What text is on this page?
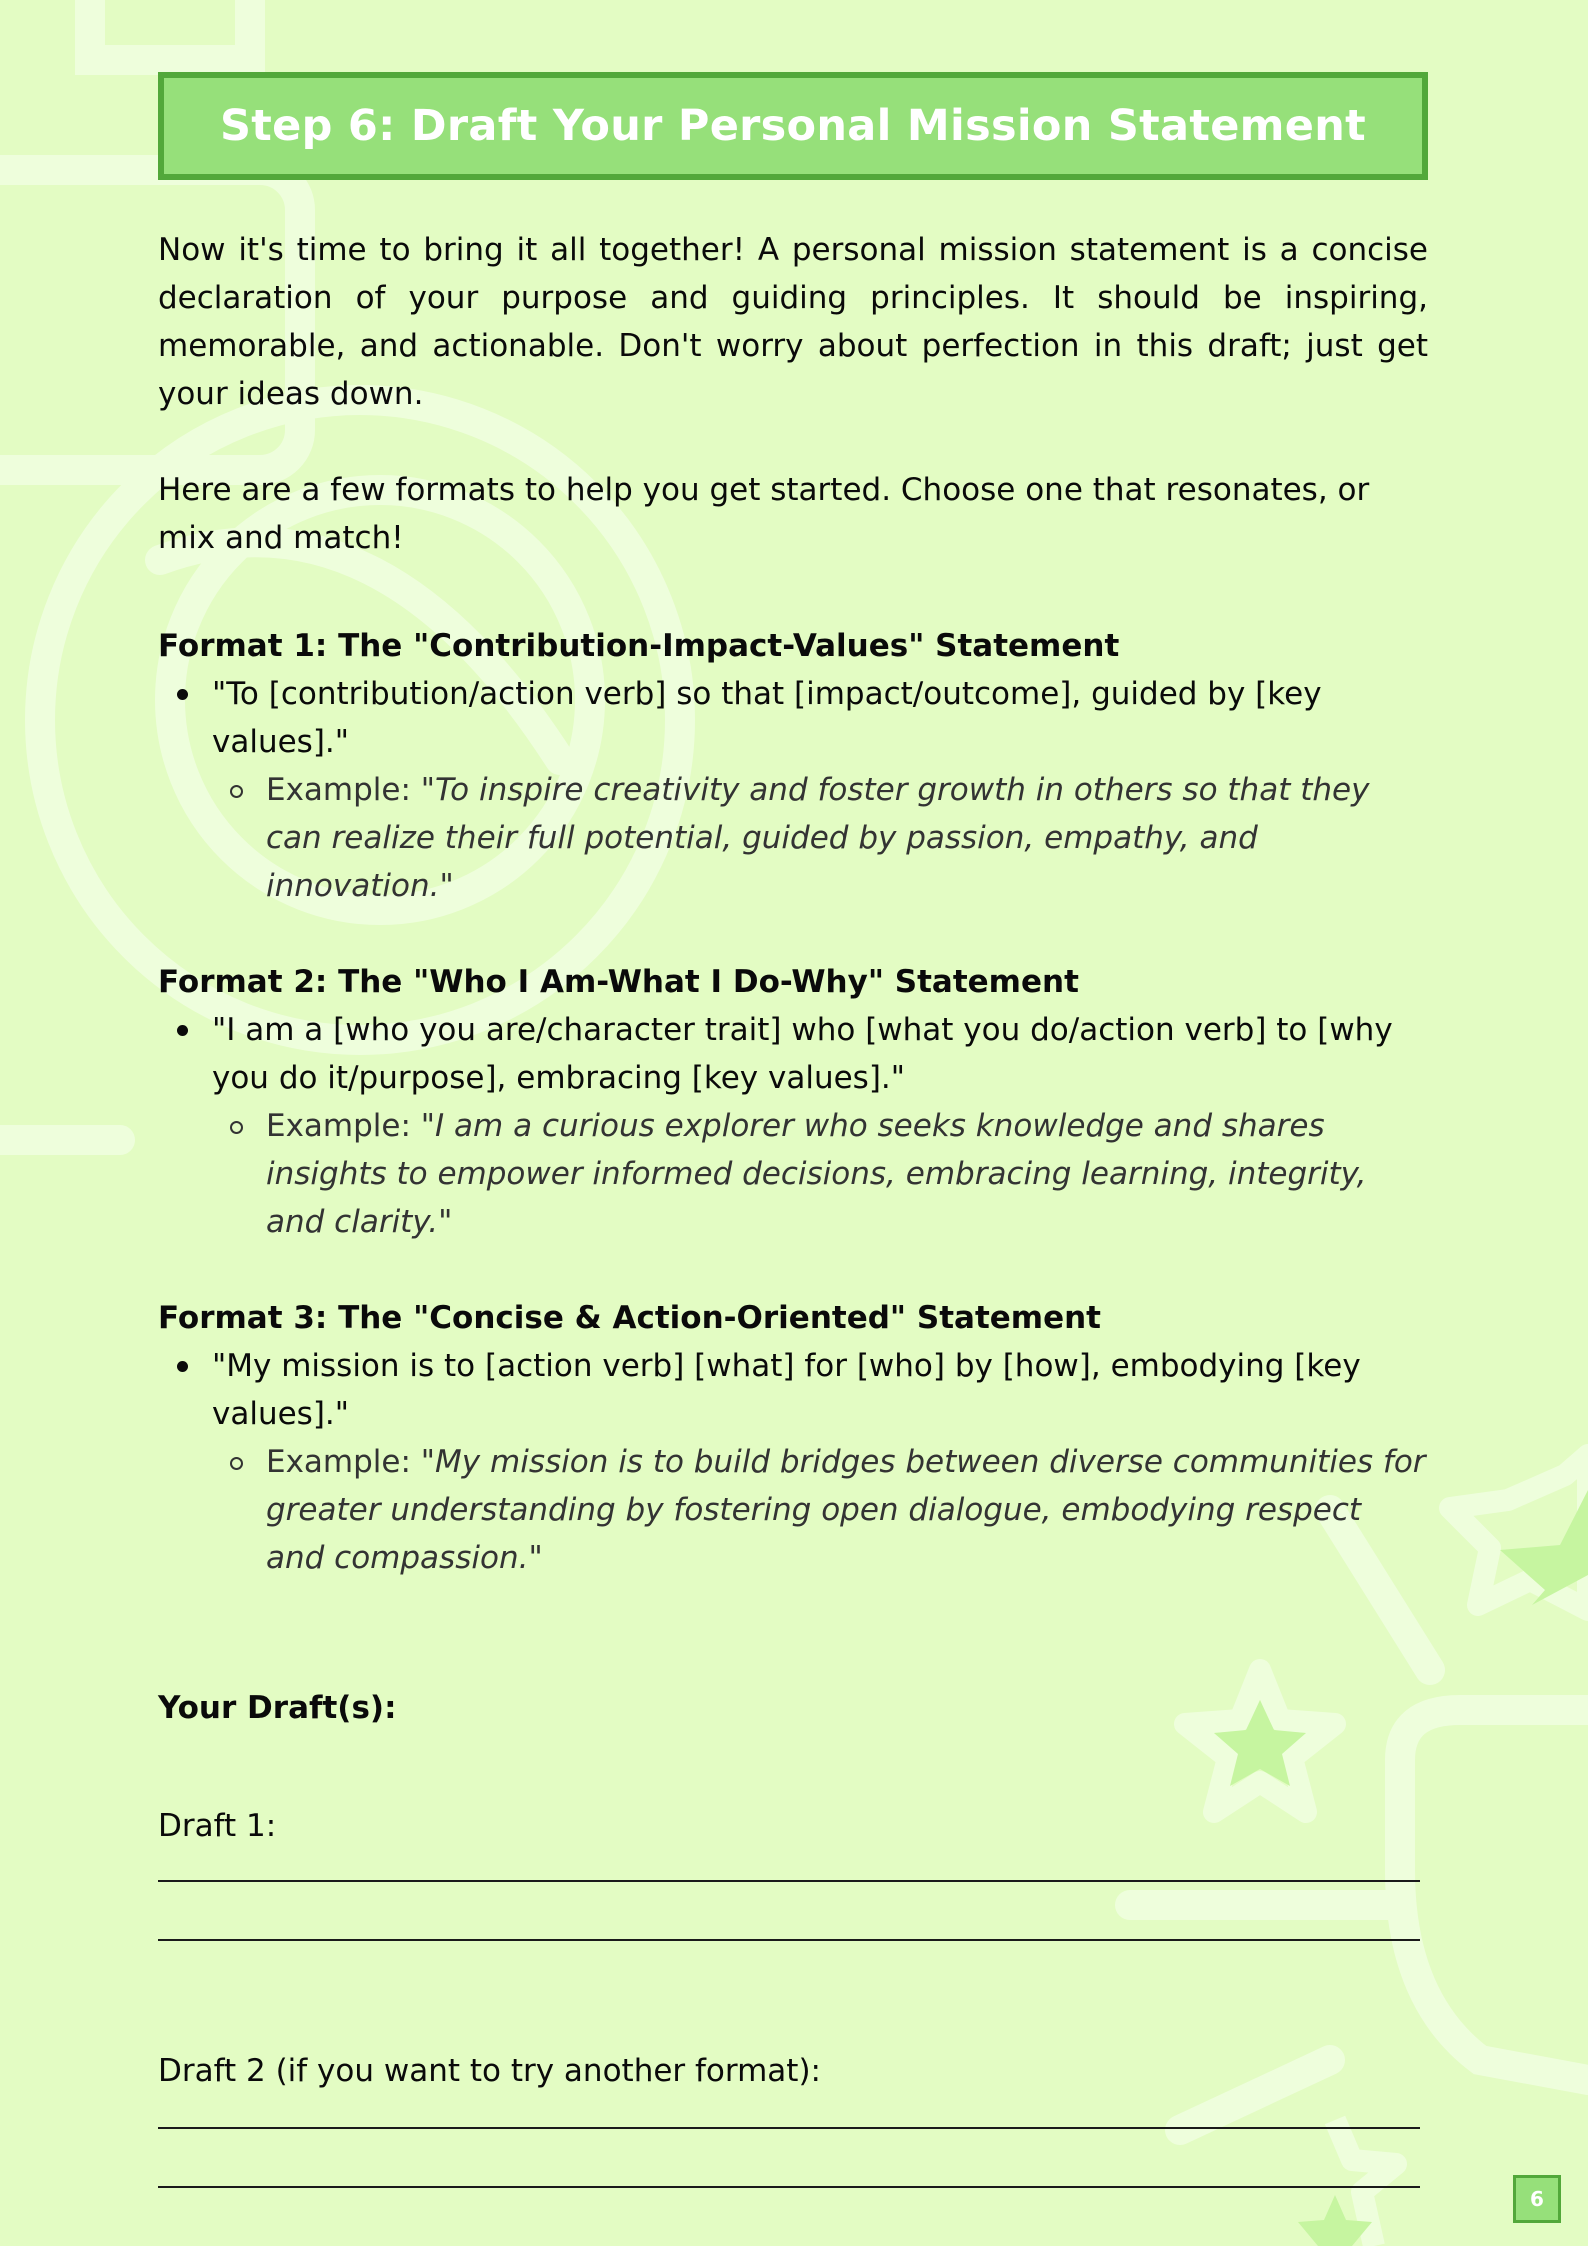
Step 6: Draft Your Personal Mission Statement

Now it's time to bring it all together! A personal mission statement is a concise declaration of your purpose and guiding principles. It should be inspiring, memorable, and actionable. Don't worry about perfection in this draft; just get your ideas down.

Here are a few formats to help you get started. Choose one that resonates, or mix and match!

Format 1: The "Contribution-Impact-Values" Statement

"To [contribution/action verb] so that [impact/outcome], guided by [key values]."
Example: "To inspire creativity and foster growth in others so that they can realize their full potential, guided by passion, empathy, and innovation."

Format 2: The "Who I Am-What I Do-Why" Statement

"I am a [who you are/character trait] who [what you do/action verb] to [why you do it/purpose], embracing [key values]."
Example: "I am a curious explorer who seeks knowledge and shares insights to empower informed decisions, embracing learning, integrity, and clarity."

Format 3: The "Concise & Action-Oriented" Statement

"My mission is to [action verb] [what] for [who] by [how], embodying [key values]."
Example: "My mission is to build bridges between diverse communities for greater understanding by fostering open dialogue, embodying respect and compassion."

Your Draft(s):

Draft 1:

Draft 2 (if you want to try another format):

6
